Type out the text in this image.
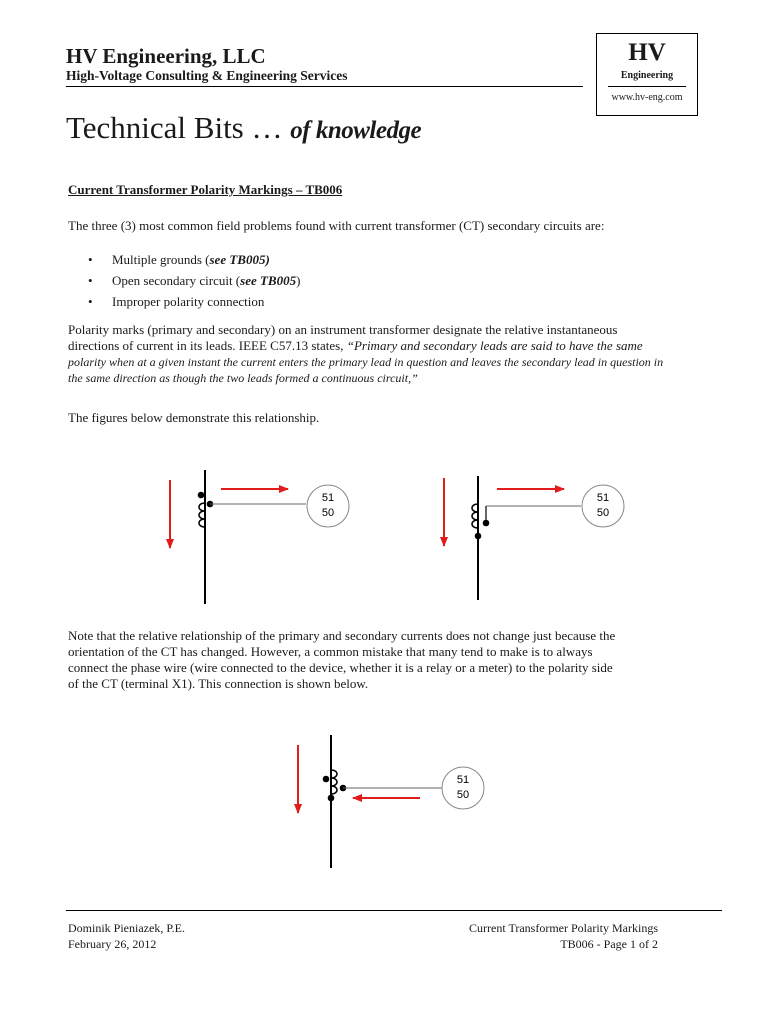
HV Engineering, LLC
High-Voltage Consulting & Engineering Services
HV
Engineering
www.hv-eng.com
Technical Bits … of knowledge
Current Transformer Polarity Markings – TB006
The three (3) most common field problems found with current transformer (CT) secondary circuits are:
• Multiple grounds (see TB005)
• Open secondary circuit (see TB005)
• Improper polarity connection
Polarity marks (primary and secondary) on an instrument transformer designate the relative instantaneous
directions of current in its leads. IEEE C57.13 states, “Primary and secondary leads are said to have the same
polarity when at a given instant the current enters the primary lead in question and leaves the secondary lead in question in
the same direction as though the two leads formed a continuous circuit,”
The figures below demonstrate this relationship.
51
50
51
50
51
50
Note that the relative relationship of the primary and secondary currents does not change just because the
orientation of the CT has changed. However, a common mistake that many tend to make is to always
connect the phase wire (wire connected to the device, whether it is a relay or a meter) to the polarity side
of the CT (terminal X1). This connection is shown below.
Dominik Pieniazek, P.E.
February 26, 2012
Current Transformer Polarity Markings
TB006 - Page 1 of 2
